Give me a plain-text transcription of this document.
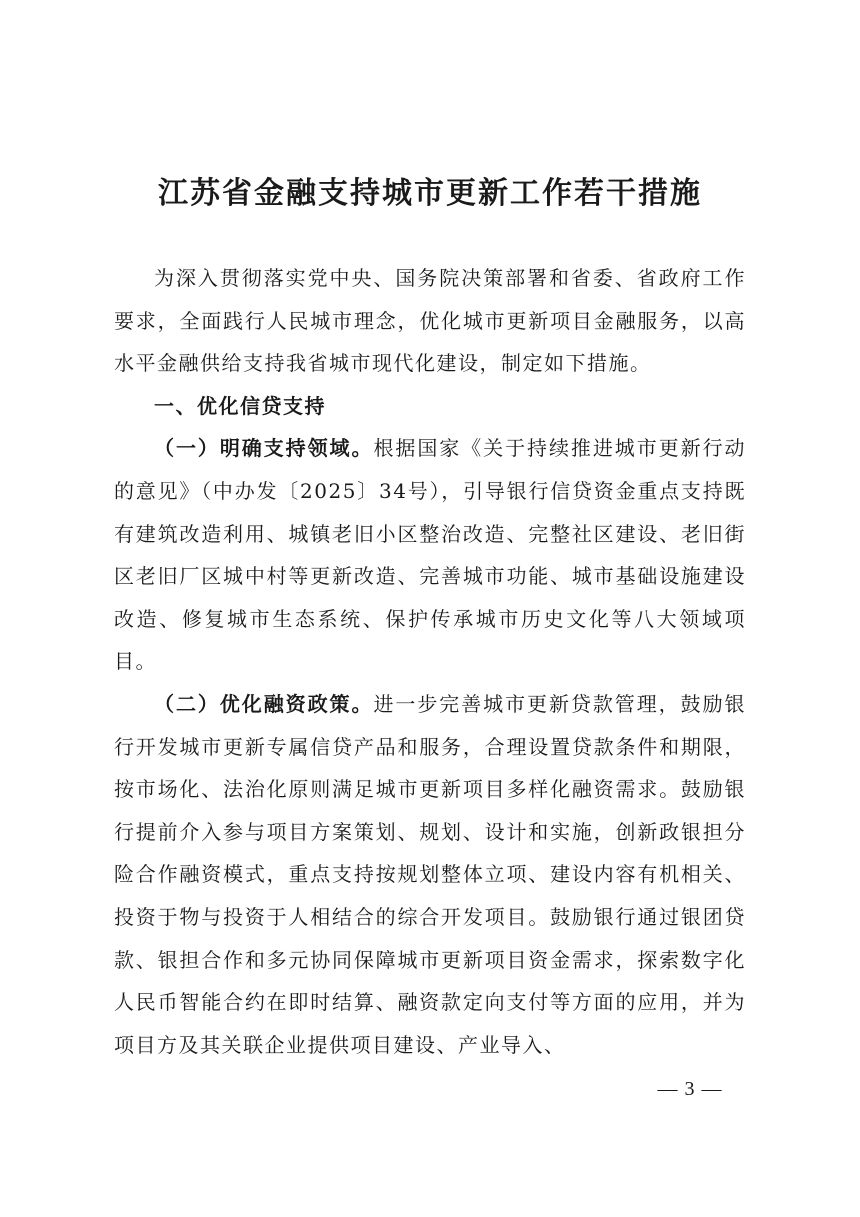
江苏省金融支持城市更新工作若干措施

为深入贯彻落实党中央、国务院决策部署和省委、省政府工作要求，全面践行人民城市理念，优化城市更新项目金融服务，以高水平金融供给支持我省城市现代化建设，制定如下措施。

一、优化信贷支持

（一）明确支持领域。根据国家《关于持续推进城市更新行动的意见》（中办发〔2025〕34号），引导银行信贷资金重点支持既有建筑改造利用、城镇老旧小区整治改造、完整社区建设、老旧街区老旧厂区城中村等更新改造、完善城市功能、城市基础设施建设改造、修复城市生态系统、保护传承城市历史文化等八大领域项目。

（二）优化融资政策。进一步完善城市更新贷款管理，鼓励银行开发城市更新专属信贷产品和服务，合理设置贷款条件和期限，按市场化、法治化原则满足城市更新项目多样化融资需求。鼓励银行提前介入参与项目方案策划、规划、设计和实施，创新政银担分险合作融资模式，重点支持按规划整体立项、建设内容有机相关、投资于物与投资于人相结合的综合开发项目。鼓励银行通过银团贷款、银担合作和多元协同保障城市更新项目资金需求，探索数字化人民币智能合约在即时结算、融资款定向支付等方面的应用，并为项目方及其关联企业提供项目建设、产业导入、

— 3 —
